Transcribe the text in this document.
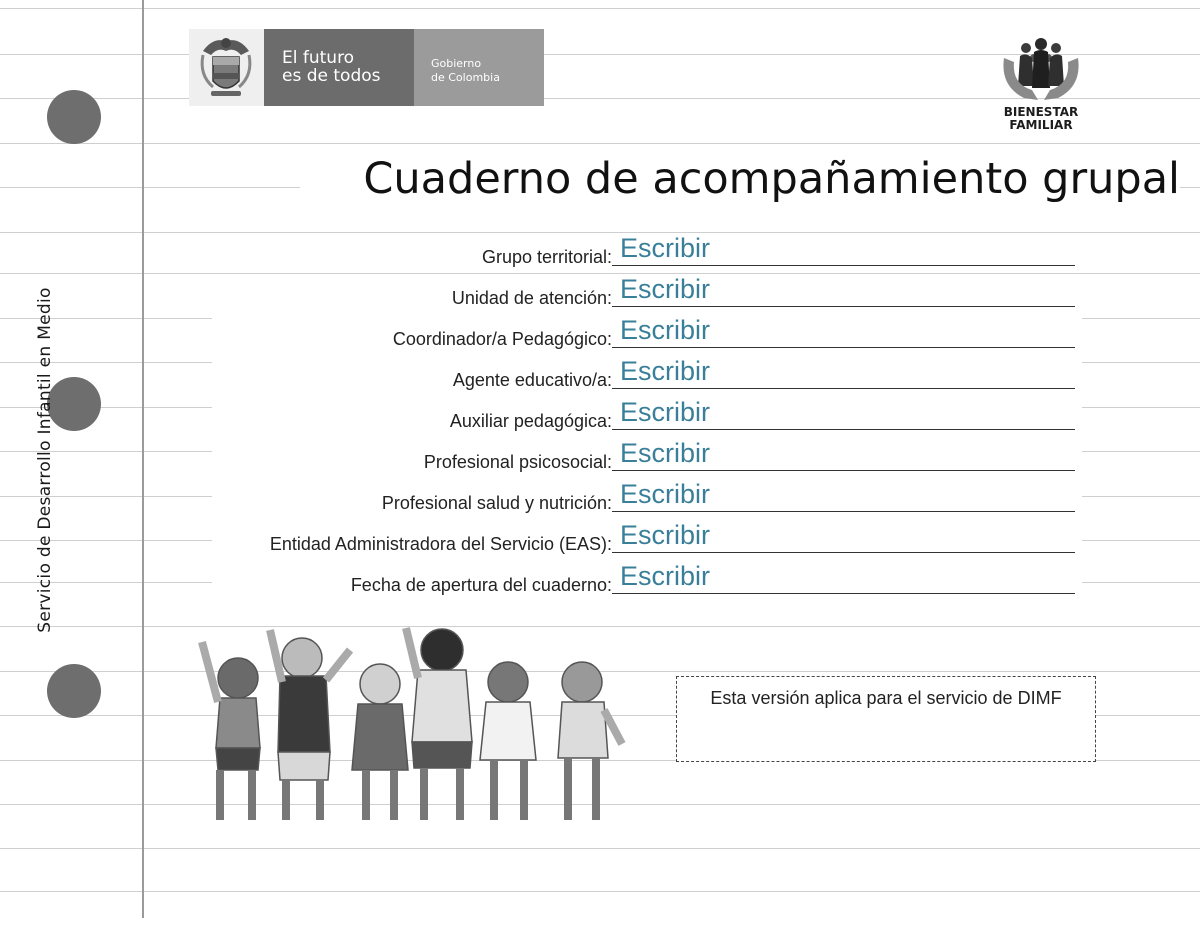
Servicio de Desarrollo Infantil en Medio
El futuro
es de todos
Gobierno
de Colombia
BIENESTAR
FAMILIAR
Cuaderno de acompañamiento grupal
Grupo territorial: Escribir
Unidad de atención: Escribir
Coordinador/a Pedagógico: Escribir
Agente educativo/a: Escribir
Auxiliar pedagógica: Escribir
Profesional psicosocial: Escribir
Profesional salud y nutrición: Escribir
Entidad Administradora del Servicio (EAS): Escribir
Fecha de apertura del cuaderno: Escribir
Esta versión aplica para el servicio de DIMF
